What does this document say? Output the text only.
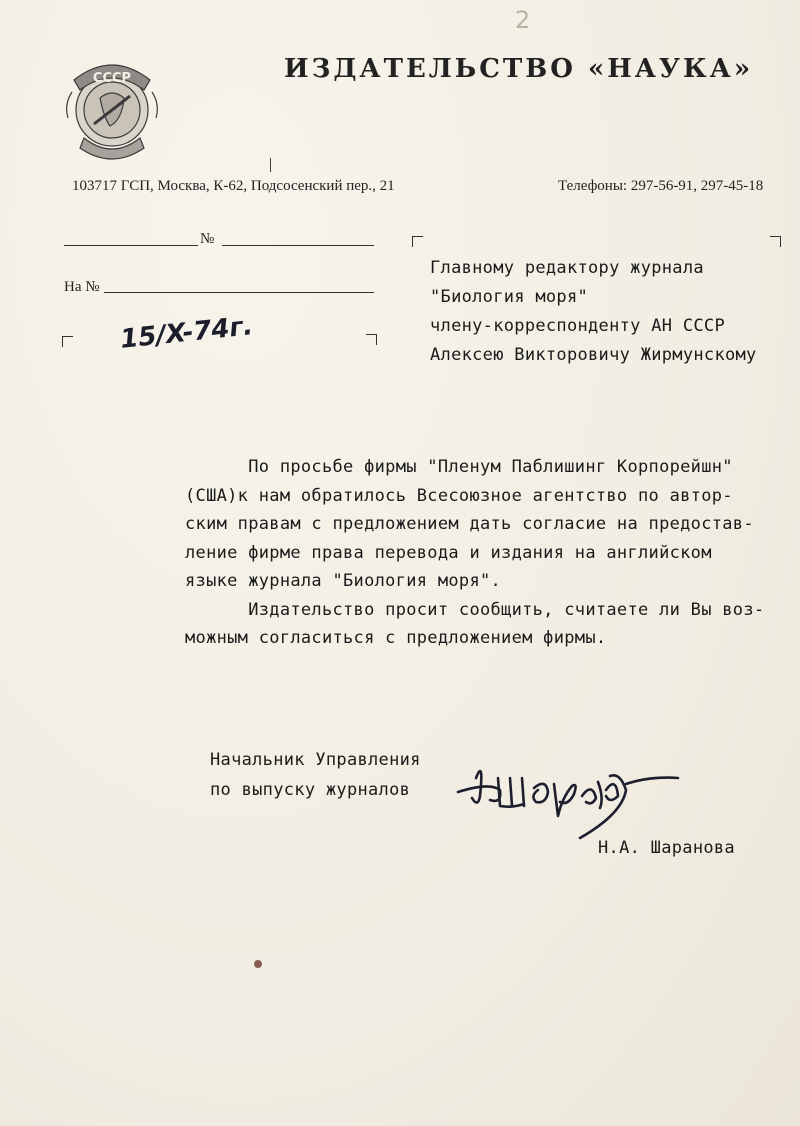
СССР
2
ИЗДАТЕЛЬСТВО «НАУКА»
103717 ГСП, Москва, К-62, Подсосенский пер., 21	Телефоны: 297-56-91, 297-45-18
№
На №
15/X-74г.
Главному редактору журнала
"Биология моря"
члену-корреспонденту АН СССР
Алексею Викторовичу Жирмунскому

По просьбе фирмы "Пленум Паблишинг Корпорейшн"

(США)к нам обратилось Всесоюзное агентство по автор-

ским правам с предложением дать согласие на предостав-

ление фирме права перевода и издания на английском

языке журнала "Биология моря".

Издательство просит сообщить, считаете ли Вы воз-

можным согласиться с предложением фирмы.

Начальник Управления
по выпуску журналов
Шаран
Н.А. Шаранова
